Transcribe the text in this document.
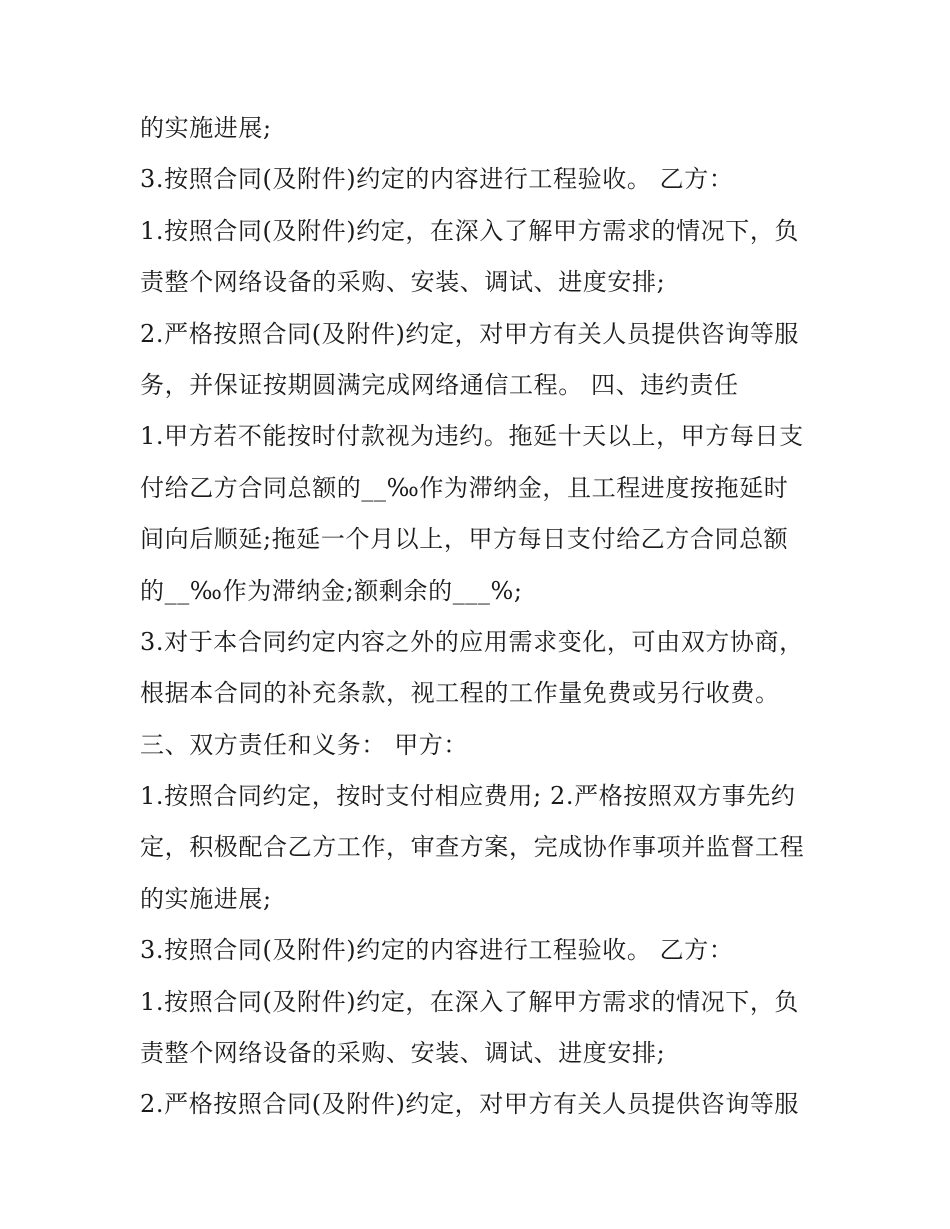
的实施进展;
3.按照合同(及附件)约定的内容进行工程验收。 乙方：
1.按照合同(及附件)约定，在深入了解甲方需求的情况下，负
责整个网络设备的采购、安装、调试、进度安排;
2.严格按照合同(及附件)约定，对甲方有关人员提供咨询等服
务，并保证按期圆满完成网络通信工程。 四、违约责任
1.甲方若不能按时付款视为违约。拖延十天以上，甲方每日支
付给乙方合同总额的__‰作为滞纳金，且工程进度按拖延时
间向后顺延;拖延一个月以上，甲方每日支付给乙方合同总额
的__‰作为滞纳金;额剩余的___%;
3.对于本合同约定内容之外的应用需求变化，可由双方协商，
根据本合同的补充条款，视工程的工作量免费或另行收费。
三、双方责任和义务： 甲方：
1.按照合同约定，按时支付相应费用; 2.严格按照双方事先约
定，积极配合乙方工作，审查方案，完成协作事项并监督工程
的实施进展;
3.按照合同(及附件)约定的内容进行工程验收。 乙方：
1.按照合同(及附件)约定，在深入了解甲方需求的情况下，负
责整个网络设备的采购、安装、调试、进度安排;
2.严格按照合同(及附件)约定，对甲方有关人员提供咨询等服
